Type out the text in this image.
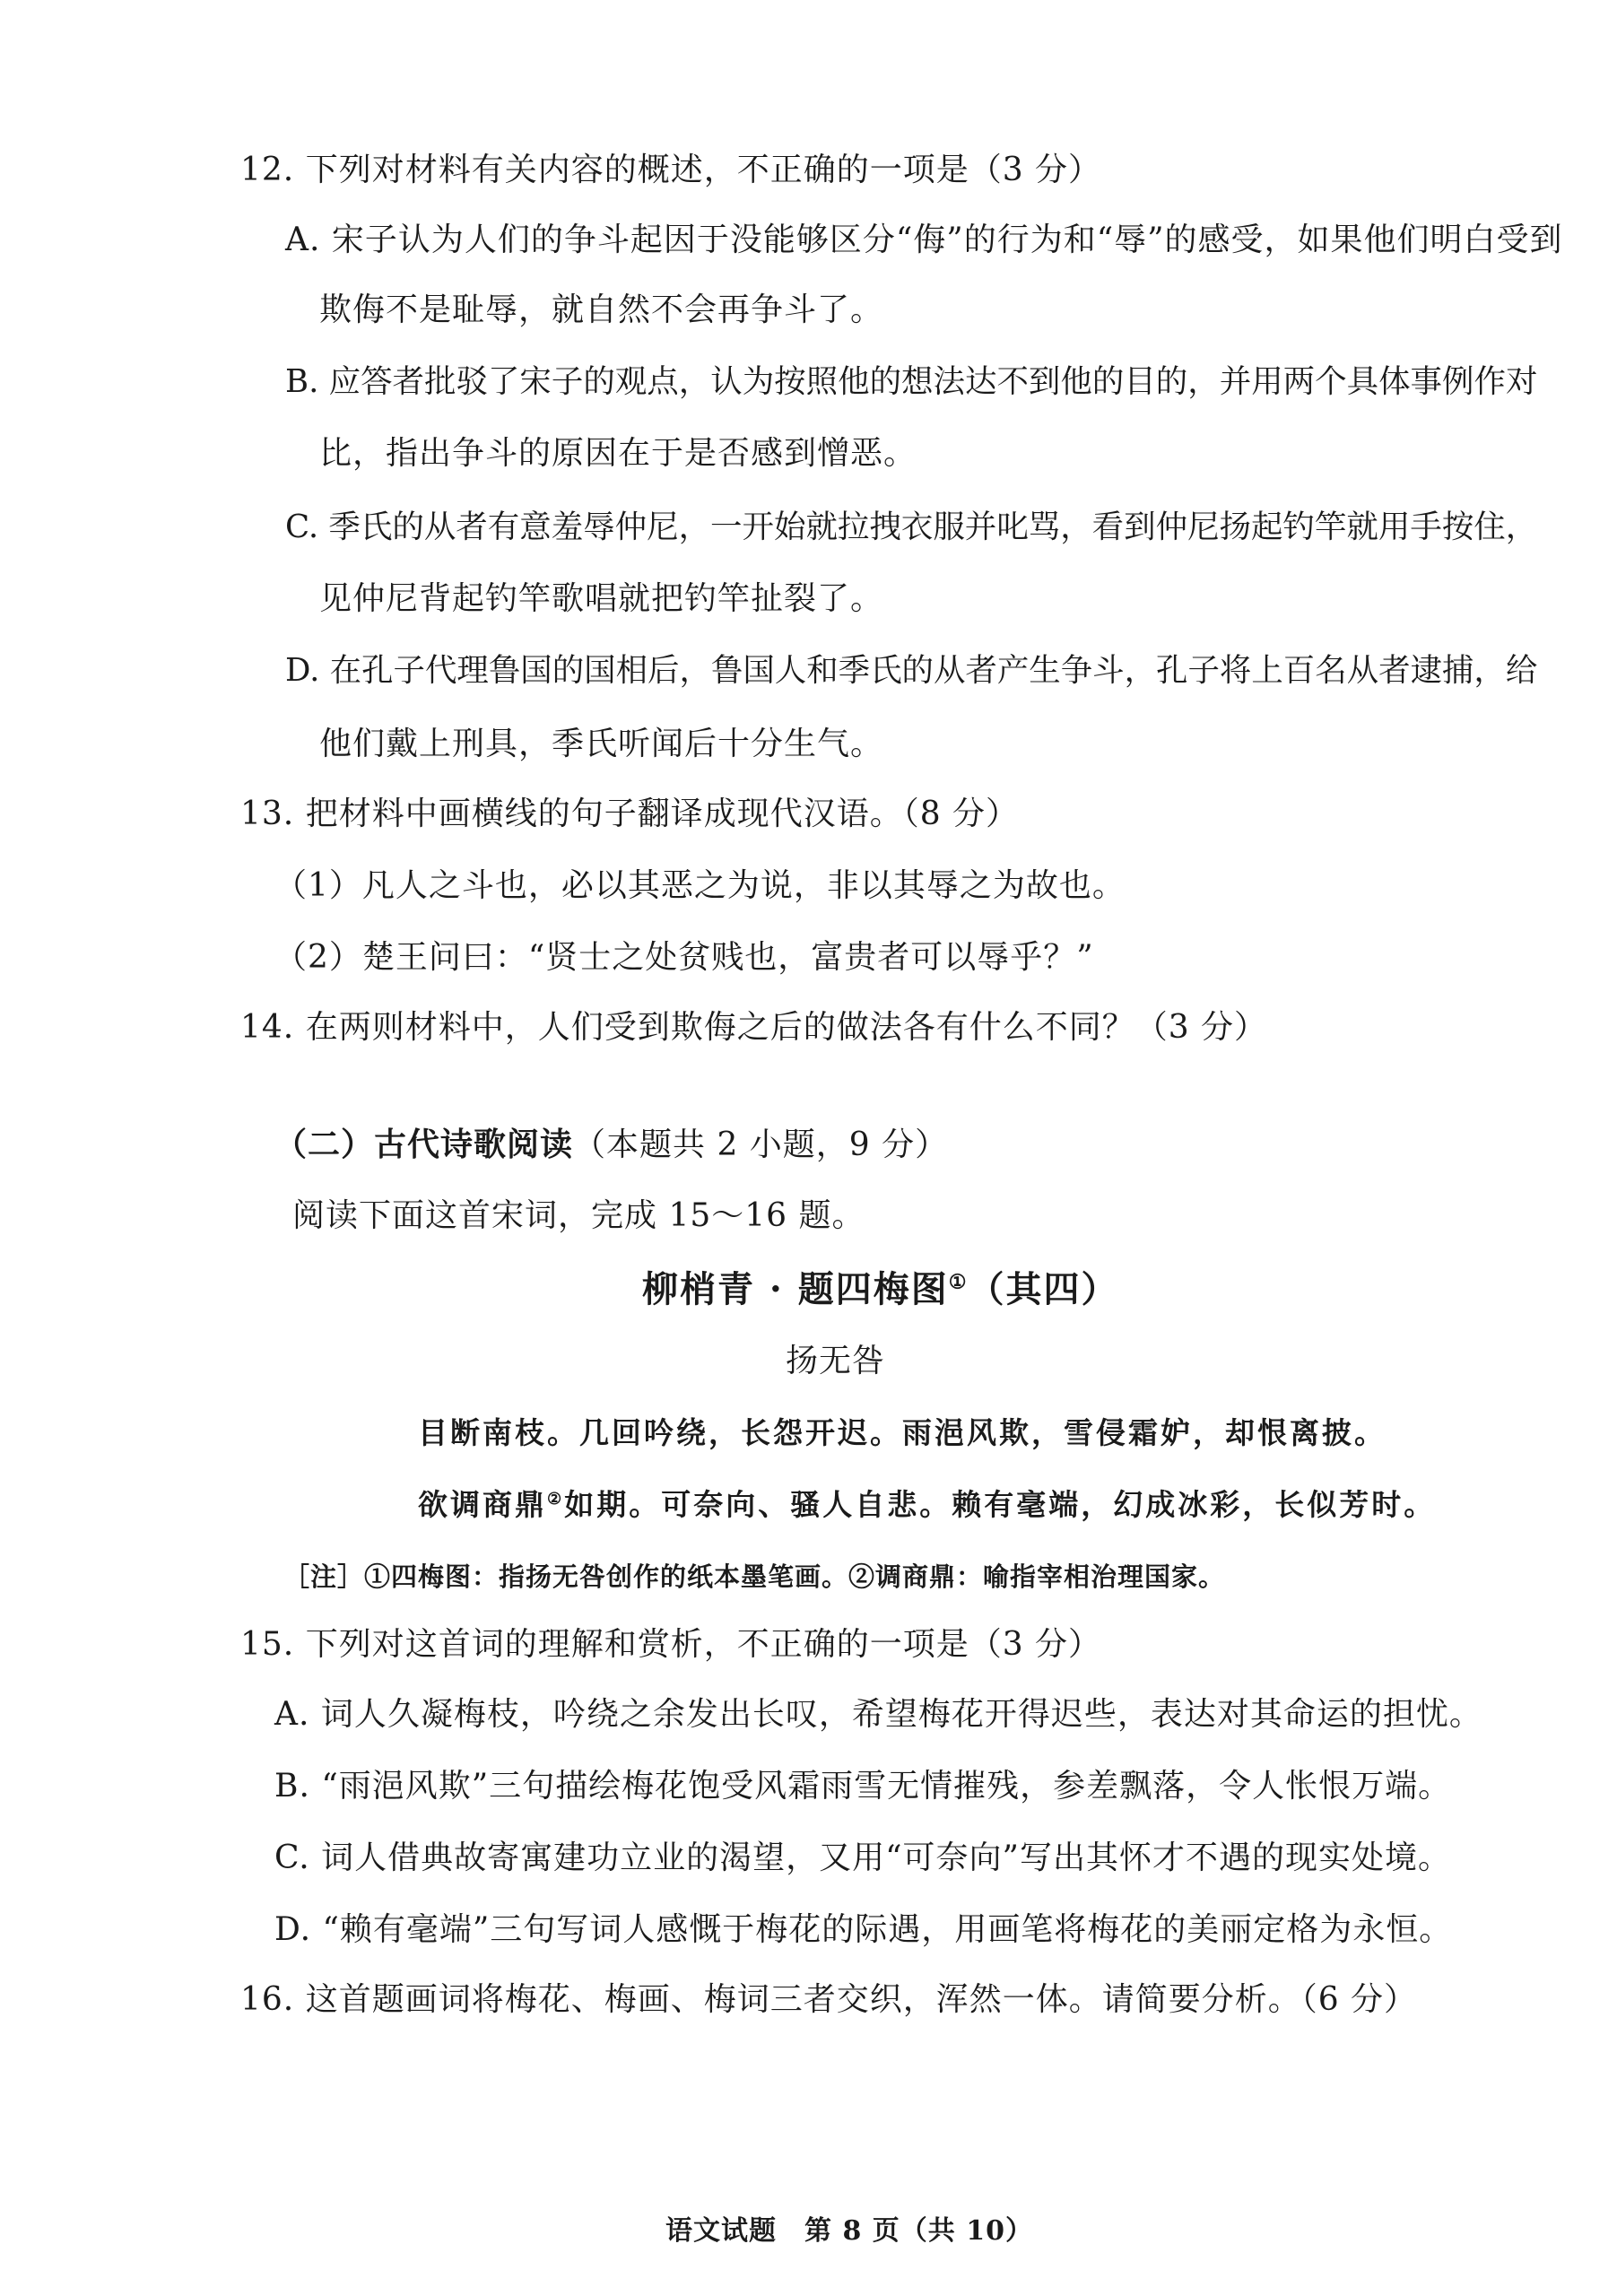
12. 下列对材料有关内容的概述，不正确的一项是（3 分）
A. 宋子认为人们的争斗起因于没能够区分“侮”的行为和“辱”的感受，如果他们明白受到
欺侮不是耻辱，就自然不会再争斗了。
B. 应答者批驳了宋子的观点，认为按照他的想法达不到他的目的，并用两个具体事例作对
比，指出争斗的原因在于是否感到憎恶。
C. 季氏的从者有意羞辱仲尼，一开始就拉拽衣服并叱骂，看到仲尼扬起钓竿就用手按住，
见仲尼背起钓竿歌唱就把钓竿扯裂了。
D. 在孔子代理鲁国的国相后，鲁国人和季氏的从者产生争斗，孔子将上百名从者逮捕，给
他们戴上刑具，季氏听闻后十分生气。
13. 把材料中画横线的句子翻译成现代汉语。（8 分）
（1）凡人之斗也，必以其恶之为说，非以其辱之为故也。
（2）楚王问曰：“贤士之处贫贱也，富贵者可以辱乎？”
14. 在两则材料中，人们受到欺侮之后的做法各有什么不同？（3 分）
（二）古代诗歌阅读（本题共 2 小题，9 分）
阅读下面这首宋词，完成 15～16 题。
柳梢青 · 题四梅图①（其四）
扬无咎
目断南枝。几回吟绕，长怨开迟。雨浥风欺，雪侵霜妒，却恨离披。
欲调商鼎②如期。可奈向、骚人自悲。赖有毫端，幻成冰彩，长似芳时。
［注］①四梅图：指扬无咎创作的纸本墨笔画。②调商鼎：喻指宰相治理国家。
15. 下列对这首词的理解和赏析，不正确的一项是（3 分）
A. 词人久凝梅枝，吟绕之余发出长叹，希望梅花开得迟些，表达对其命运的担忧。
B. “雨浥风欺”三句描绘梅花饱受风霜雨雪无情摧残，参差飘落，令人怅恨万端。
C. 词人借典故寄寓建功立业的渴望，又用“可奈向”写出其怀才不遇的现实处境。
D. “赖有毫端”三句写词人感慨于梅花的际遇，用画笔将梅花的美丽定格为永恒。
16. 这首题画词将梅花、梅画、梅词三者交织，浑然一体。请简要分析。（6 分）
语文试题　第 8 页（共 10）
